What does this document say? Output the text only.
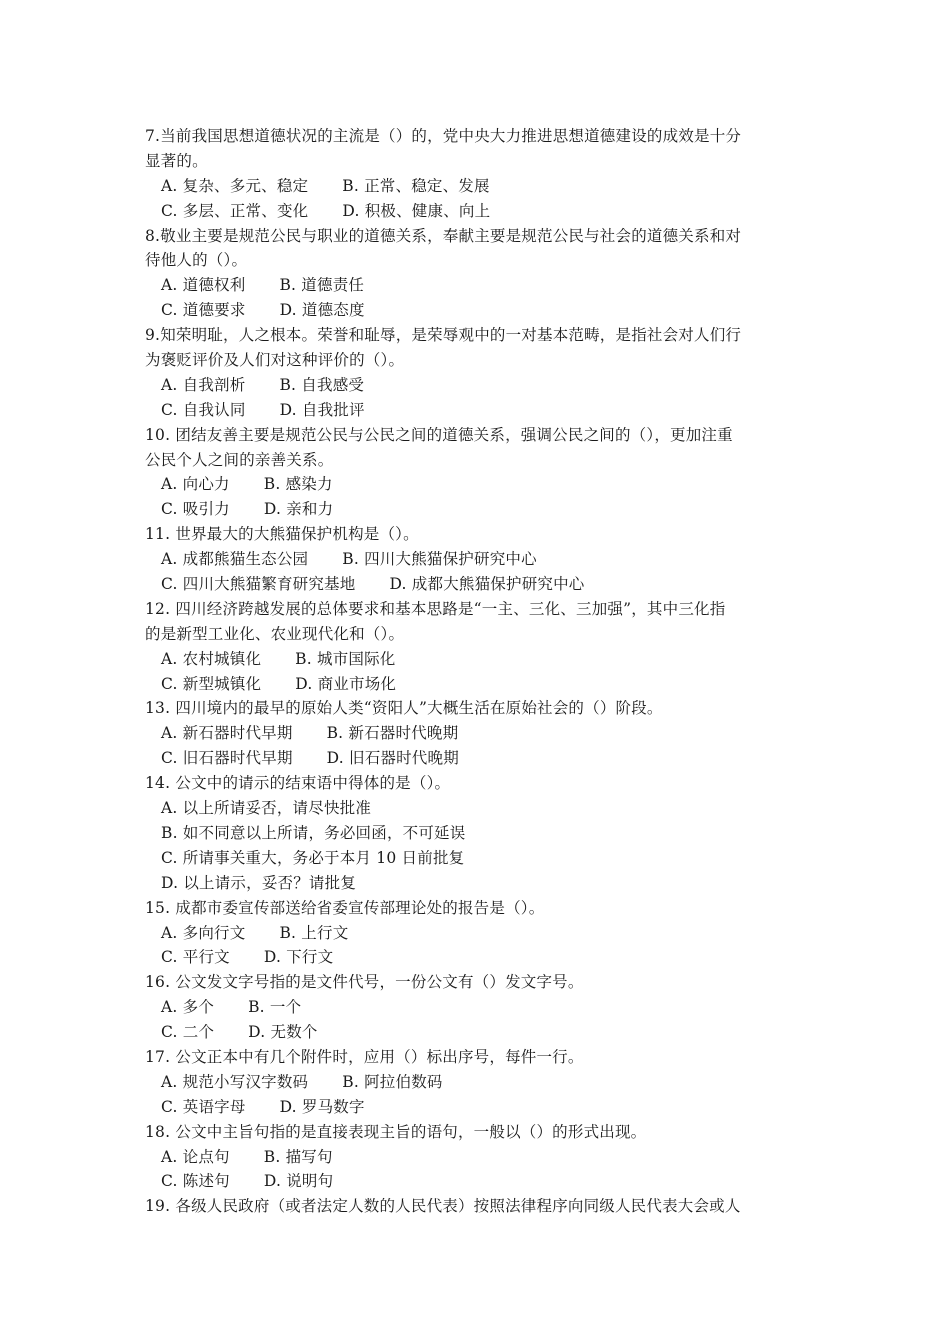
7.当前我国思想道德状况的主流是（）的，党中央大力推进思想道德建设的成效是十分
显著的。
A. 复杂、多元、稳定 B. 正常、稳定、发展
C. 多层、正常、变化 D. 积极、健康、向上
8.敬业主要是规范公民与职业的道德关系，奉献主要是规范公民与社会的道德关系和对
待他人的（）。
A. 道德权利 B. 道德责任
C. 道德要求 D. 道德态度
9.知荣明耻，人之根本。荣誉和耻辱，是荣辱观中的一对基本范畴，是指社会对人们行
为褒贬评价及人们对这种评价的（）。
A. 自我剖析 B. 自我感受
C. 自我认同 D. 自我批评
10. 团结友善主要是规范公民与公民之间的道德关系，强调公民之间的（），更加注重
公民个人之间的亲善关系。
A. 向心力 B. 感染力
C. 吸引力 D. 亲和力
11. 世界最大的大熊猫保护机构是（）。
A. 成都熊猫生态公园 B. 四川大熊猫保护研究中心
C. 四川大熊猫繁育研究基地 D. 成都大熊猫保护研究中心
12. 四川经济跨越发展的总体要求和基本思路是“一主、三化、三加强”，其中三化指
的是新型工业化、农业现代化和（）。
A. 农村城镇化 B. 城市国际化
C. 新型城镇化 D. 商业市场化
13. 四川境内的最早的原始人类“资阳人”大概生活在原始社会的（）阶段。
A. 新石器时代早期 B. 新石器时代晚期
C. 旧石器时代早期 D. 旧石器时代晚期
14. 公文中的请示的结束语中得体的是（）。
A. 以上所请妥否，请尽快批准
B. 如不同意以上所请，务必回函，不可延误
C. 所请事关重大，务必于本月 10 日前批复
D. 以上请示，妥否？请批复
15. 成都市委宣传部送给省委宣传部理论处的报告是（）。
A. 多向行文 B. 上行文
C. 平行文 D. 下行文
16. 公文发文字号指的是文件代号，一份公文有（）发文字号。
A. 多个 B. 一个
C. 二个 D. 无数个
17. 公文正本中有几个附件时，应用（）标出序号，每件一行。
A. 规范小写汉字数码 B. 阿拉伯数码
C. 英语字母 D. 罗马数字
18. 公文中主旨句指的是直接表现主旨的语句，一般以（）的形式出现。
A. 论点句 B. 描写句
C. 陈述句 D. 说明句
19. 各级人民政府（或者法定人数的人民代表）按照法律程序向同级人民代表大会或人
